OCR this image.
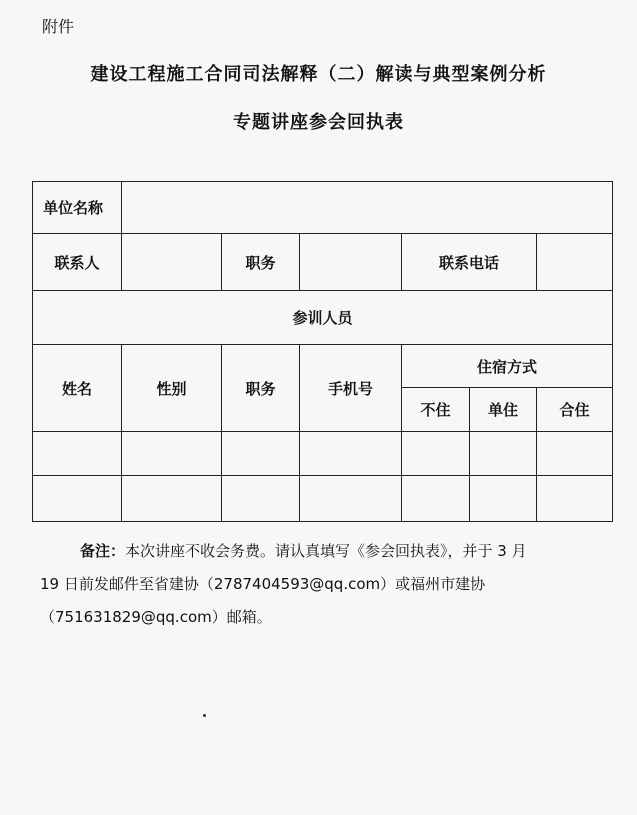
附件
建设工程施工合同司法解释（二）解读与典型案例分析
专题讲座参会回执表
单位名称						
联系人		职务		联系电话		
参训人员						
姓名	性别	职务	手机号	住宿方式		
				不住	单住	合住

备注：本次讲座不收会务费。请认真填写《参会回执表》，并于 3 月
19 日前发邮件至省建协（2787404593@qq.com）或福州市建协
（751631829@qq.com）邮箱。
